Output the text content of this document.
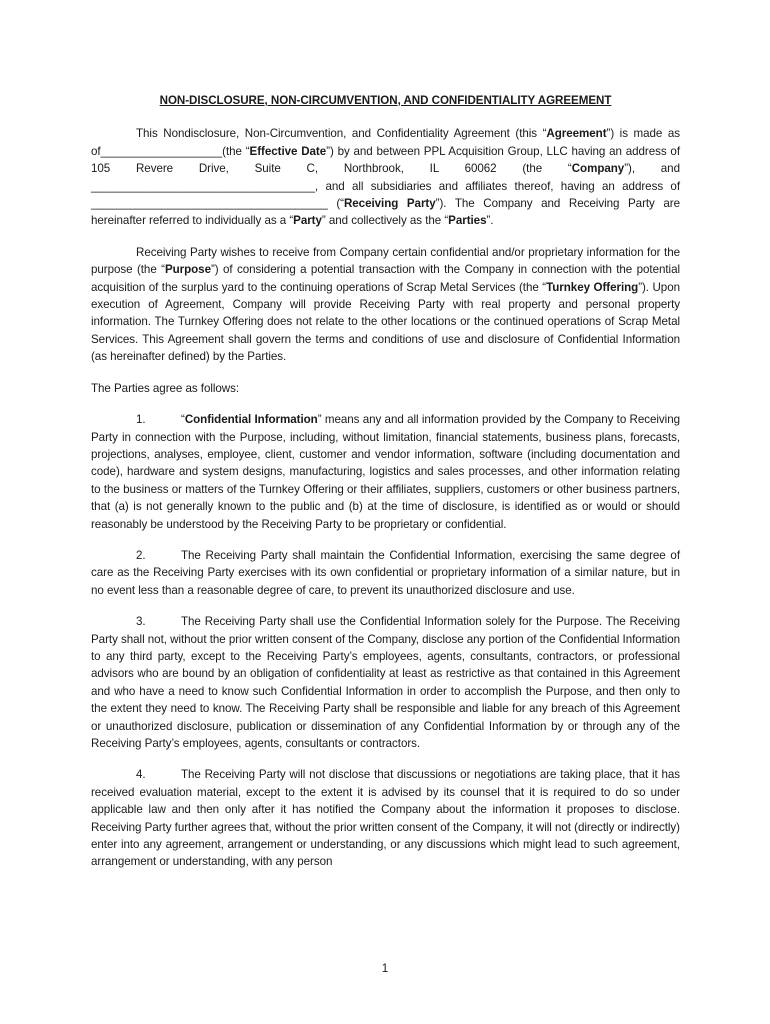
NON-DISCLOSURE, NON-CIRCUMVENTION, AND CONFIDENTIALITY AGREEMENT

This Nondisclosure, Non-Circumvention, and Confidentiality Agreement (this “Agreement”) is made as of___________________(the “Effective Date”) by and between PPL Acquisition Group, LLC having an address of 105 Revere Drive, Suite C, Northbrook, IL 60062 (the “Company”), and ___________________________________, and all subsidiaries and affiliates thereof, having an address of _____________________________________ (“Receiving Party”). The Company and Receiving Party are hereinafter referred to individually as a “Party” and collectively as the “Parties”.

Receiving Party wishes to receive from Company certain confidential and/or proprietary information for the purpose (the “Purpose”) of considering a potential transaction with the Company in connection with the potential acquisition of the surplus yard to the continuing operations of Scrap Metal Services (the “Turnkey Offering”). Upon execution of Agreement, Company will provide Receiving Party with real property and personal property information. The Turnkey Offering does not relate to the other locations or the continued operations of Scrap Metal Services. This Agreement shall govern the terms and conditions of use and disclosure of Confidential Information (as hereinafter defined) by the Parties.

The Parties agree as follows:

1.	“Confidential Information” means any and all information provided by the Company to Receiving Party in connection with the Purpose, including, without limitation, financial statements, business plans, forecasts, projections, analyses, employee, client, customer and vendor information, software (including documentation and code), hardware and system designs, manufacturing, logistics and sales processes, and other information relating to the business or matters of the Turnkey Offering or their affiliates, suppliers, customers or other business partners, that (a) is not generally known to the public and (b) at the time of disclosure, is identified as or would or should reasonably be understood by the Receiving Party to be proprietary or confidential.

2.	The Receiving Party shall maintain the Confidential Information, exercising the same degree of care as the Receiving Party exercises with its own confidential or proprietary information of a similar nature, but in no event less than a reasonable degree of care, to prevent its unauthorized disclosure and use.

3.	The Receiving Party shall use the Confidential Information solely for the Purpose. The Receiving Party shall not, without the prior written consent of the Company, disclose any portion of the Confidential Information to any third party, except to the Receiving Party’s employees, agents, consultants, contractors, or professional advisors who are bound by an obligation of confidentiality at least as restrictive as that contained in this Agreement and who have a need to know such Confidential Information in order to accomplish the Purpose, and then only to the extent they need to know. The Receiving Party shall be responsible and liable for any breach of this Agreement or unauthorized disclosure, publication or dissemination of any Confidential Information by or through any of the Receiving Party’s employees, agents, consultants or contractors.

4.	The Receiving Party will not disclose that discussions or negotiations are taking place, that it has received evaluation material, except to the extent it is advised by its counsel that it is required to do so under applicable law and then only after it has notified the Company about the information it proposes to disclose. Receiving Party further agrees that, without the prior written consent of the Company, it will not (directly or indirectly) enter into any agreement, arrangement or understanding, or any discussions which might lead to such agreement, arrangement or understanding, with any person

1
